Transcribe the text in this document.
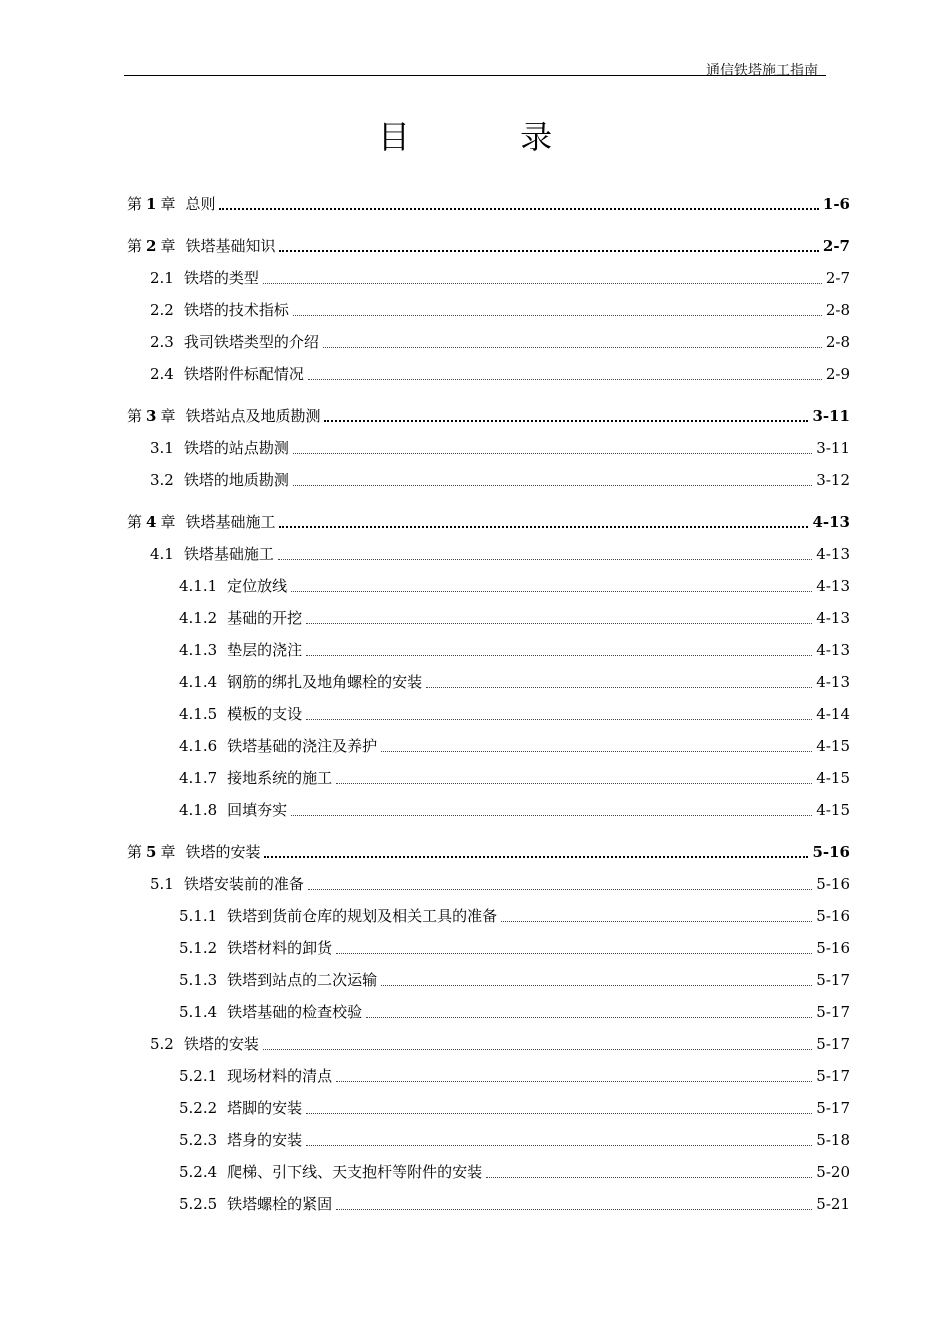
通信铁塔施工指南
目 录
第 1 章 总则	1-6
第 2 章 铁塔基础知识	2-7
2.1 铁塔的类型	2-7
2.2 铁塔的技术指标	2-8
2.3 我司铁塔类型的介绍	2-8
2.4 铁塔附件标配情况	2-9
第 3 章 铁塔站点及地质勘测	3-11
3.1 铁塔的站点勘测	3-11
3.2 铁塔的地质勘测	3-12
第 4 章 铁塔基础施工	4-13
4.1 铁塔基础施工	4-13
4.1.1 定位放线	4-13
4.1.2 基础的开挖	4-13
4.1.3 垫层的浇注	4-13
4.1.4 钢筋的绑扎及地角螺栓的安装	4-13
4.1.5 模板的支设	4-14
4.1.6 铁塔基础的浇注及养护	4-15
4.1.7 接地系统的施工	4-15
4.1.8 回填夯实	4-15
第 5 章 铁塔的安装	5-16
5.1 铁塔安装前的准备	5-16
5.1.1 铁塔到货前仓库的规划及相关工具的准备	5-16
5.1.2 铁塔材料的卸货	5-16
5.1.3 铁塔到站点的二次运输	5-17
5.1.4 铁塔基础的检查校验	5-17
5.2 铁塔的安装	5-17
5.2.1 现场材料的清点	5-17
5.2.2 塔脚的安装	5-17
5.2.3 塔身的安装	5-18
5.2.4 爬梯、引下线、天支抱杆等附件的安装	5-20
5.2.5 铁塔螺栓的紧固	5-21
